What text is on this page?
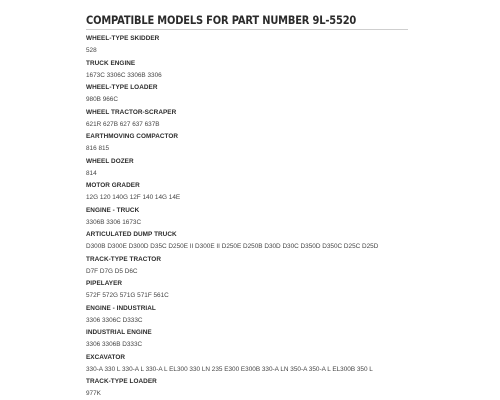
COMPATIBLE MODELS FOR PART NUMBER 9L-5520
WHEEL-TYPE SKIDDER
528
TRUCK ENGINE
1673C 3306C 3306B 3306
WHEEL-TYPE LOADER
980B 966C
WHEEL TRACTOR-SCRAPER
621R 627B 627 637 637B
EARTHMOVING COMPACTOR
816 815
WHEEL DOZER
814
MOTOR GRADER
12G 120 140G 12F 140 14G 14E
ENGINE - TRUCK
3306B 3306 1673C
ARTICULATED DUMP TRUCK
D300B D300E D300D D35C D250E II D300E II D250E D250B D30D D30C D350D D350C D25C D25D
TRACK-TYPE TRACTOR
D7F D7G D5 D6C
PIPELAYER
572F 572G 571G 571F 561C
ENGINE - INDUSTRIAL
3306 3306C D333C
INDUSTRIAL ENGINE
3306 3306B D333C
EXCAVATOR
330-A 330 L 330-A L 330-A L EL300 330 LN 235 E300 E300B 330-A LN 350-A 350-A L EL300B 350 L
TRACK-TYPE LOADER
977K
